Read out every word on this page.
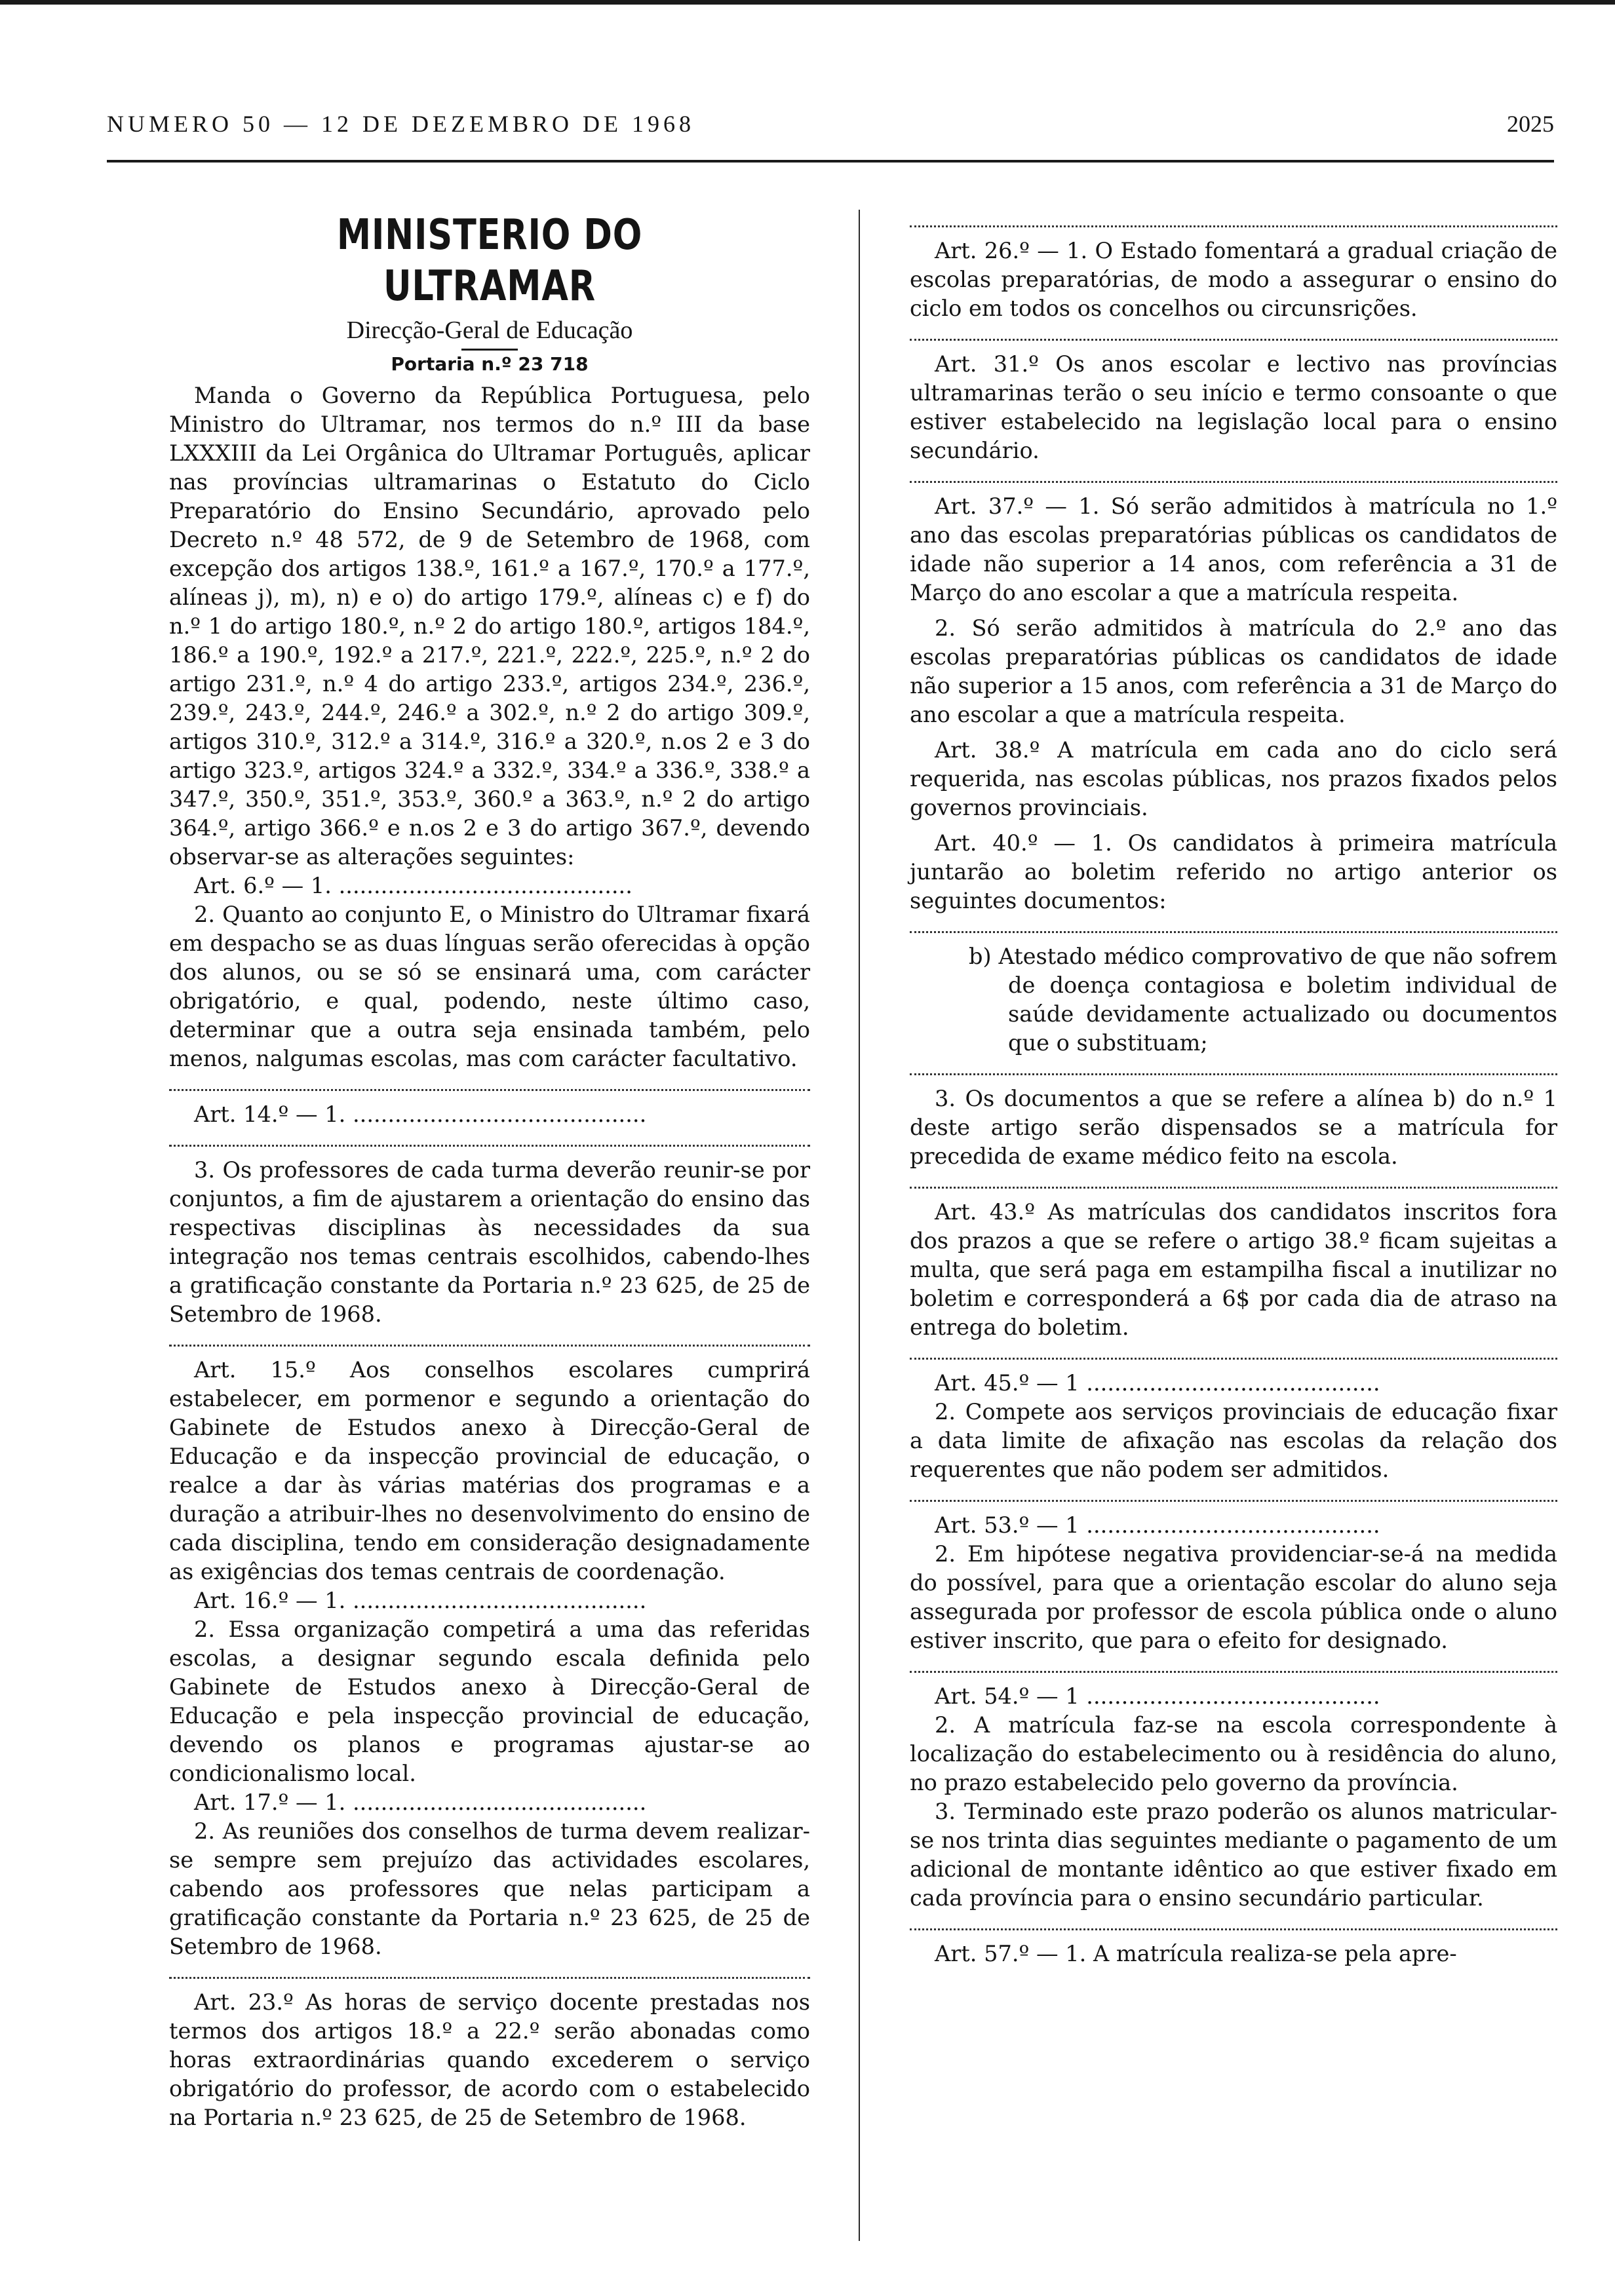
NUMERO 50 — 12 DE DEZEMBRO DE 1968	2025
MINISTERIO DO ULTRAMAR
Direcção-Geral de Educação
Portaria n.º 23 718

Manda o Governo da República Portuguesa, pelo Ministro do Ultramar, nos termos do n.º III da base LXXXIII da Lei Orgânica do Ultramar Português, aplicar nas províncias ultramarinas o Estatuto do Ciclo Preparatório do Ensino Secundário, aprovado pelo Decreto n.º 48 572, de 9 de Setembro de 1968, com excepção dos artigos 138.º, 161.º a 167.º, 170.º a 177.º, alíneas j), m), n) e o) do artigo 179.º, alíneas c) e f) do n.º 1 do artigo 180.º, n.º 2 do artigo 180.º, artigos 184.º, 186.º a 190.º, 192.º a 217.º, 221.º, 222.º, 225.º, n.º 2 do artigo 231.º, n.º 4 do artigo 233.º, artigos 234.º, 236.º, 239.º, 243.º, 244.º, 246.º a 302.º, n.º 2 do artigo 309.º, artigos 310.º, 312.º a 314.º, 316.º a 320.º, n.os 2 e 3 do artigo 323.º, artigos 324.º a 332.º, 334.º a 336.º, 338.º a 347.º, 350.º, 351.º, 353.º, 360.º a 363.º, n.º 2 do artigo 364.º, artigo 366.º e n.os 2 e 3 do artigo 367.º, devendo observar-se as alterações seguintes:

Art. 6.º — 1. ..........................................

2. Quanto ao conjunto E, o Ministro do Ultramar fixará em despacho se as duas línguas serão oferecidas à opção dos alunos, ou se só se ensinará uma, com carácter obrigatório, e qual, podendo, neste último caso, determinar que a outra seja ensinada também, pelo menos, nalgumas escolas, mas com carácter facultativo.

Art. 14.º — 1. ..........................................

3. Os professores de cada turma deverão reunir-se por conjuntos, a fim de ajustarem a orientação do ensino das respectivas disciplinas às necessidades da sua integração nos temas centrais escolhidos, cabendo-lhes a gratificação constante da Portaria n.º 23 625, de 25 de Setembro de 1968.

Art. 15.º Aos conselhos escolares cumprirá estabelecer, em pormenor e segundo a orientação do Gabinete de Estudos anexo à Direcção-Geral de Educação e da inspecção provincial de educação, o realce a dar às várias matérias dos programas e a duração a atribuir-lhes no desenvolvimento do ensino de cada disciplina, tendo em consideração designadamente as exigências dos temas centrais de coordenação.

Art. 16.º — 1. ..........................................

2. Essa organização competirá a uma das referidas escolas, a designar segundo escala definida pelo Gabinete de Estudos anexo à Direcção-Geral de Educação e pela inspecção provincial de educação, devendo os planos e programas ajustar-se ao condicionalismo local.

Art. 17.º — 1. ..........................................

2. As reuniões dos conselhos de turma devem realizar-se sempre sem prejuízo das actividades escolares, cabendo aos professores que nelas participam a gratificação constante da Portaria n.º 23 625, de 25 de Setembro de 1968.

Art. 23.º As horas de serviço docente prestadas nos termos dos artigos 18.º a 22.º serão abonadas como horas extraordinárias quando excederem o serviço obrigatório do professor, de acordo com o estabelecido na Portaria n.º 23 625, de 25 de Setembro de 1968.

Art. 26.º — 1. O Estado fomentará a gradual criação de escolas preparatórias, de modo a assegurar o ensino do ciclo em todos os concelhos ou circunsrições.

Art. 31.º Os anos escolar e lectivo nas províncias ultramarinas terão o seu início e termo consoante o que estiver estabelecido na legislação local para o ensino secundário.

Art. 37.º — 1. Só serão admitidos à matrícula no 1.º ano das escolas preparatórias públicas os candidatos de idade não superior a 14 anos, com referência a 31 de Março do ano escolar a que a matrícula respeita.

2. Só serão admitidos à matrícula do 2.º ano das escolas preparatórias públicas os candidatos de idade não superior a 15 anos, com referência a 31 de Março do ano escolar a que a matrícula respeita.

Art. 38.º A matrícula em cada ano do ciclo será requerida, nas escolas públicas, nos prazos fixados pelos governos provinciais.

Art. 40.º — 1. Os candidatos à primeira matrícula juntarão ao boletim referido no artigo anterior os seguintes documentos:

b) Atestado médico comprovativo de que não sofrem de doença contagiosa e boletim individual de saúde devidamente actualizado ou documentos que o substituam;

3. Os documentos a que se refere a alínea b) do n.º 1 deste artigo serão dispensados se a matrícula for precedida de exame médico feito na escola.

Art. 43.º As matrículas dos candidatos inscritos fora dos prazos a que se refere o artigo 38.º ficam sujeitas a multa, que será paga em estampilha fiscal a inutilizar no boletim e corresponderá a 6$ por cada dia de atraso na entrega do boletim.

Art. 45.º — 1 ..........................................

2. Compete aos serviços provinciais de educação fixar a data limite de afixação nas escolas da relação dos requerentes que não podem ser admitidos.

Art. 53.º — 1 ..........................................

2. Em hipótese negativa providenciar-se-á na medida do possível, para que a orientação escolar do aluno seja assegurada por professor de escola pública onde o aluno estiver inscrito, que para o efeito for designado.

Art. 54.º — 1 ..........................................

2. A matrícula faz-se na escola correspondente à localização do estabelecimento ou à residência do aluno, no prazo estabelecido pelo governo da província.

3. Terminado este prazo poderão os alunos matricular-se nos trinta dias seguintes mediante o pagamento de um adicional de montante idêntico ao que estiver fixado em cada província para o ensino secundário particular.

Art. 57.º — 1. A matrícula realiza-se pela apre-
